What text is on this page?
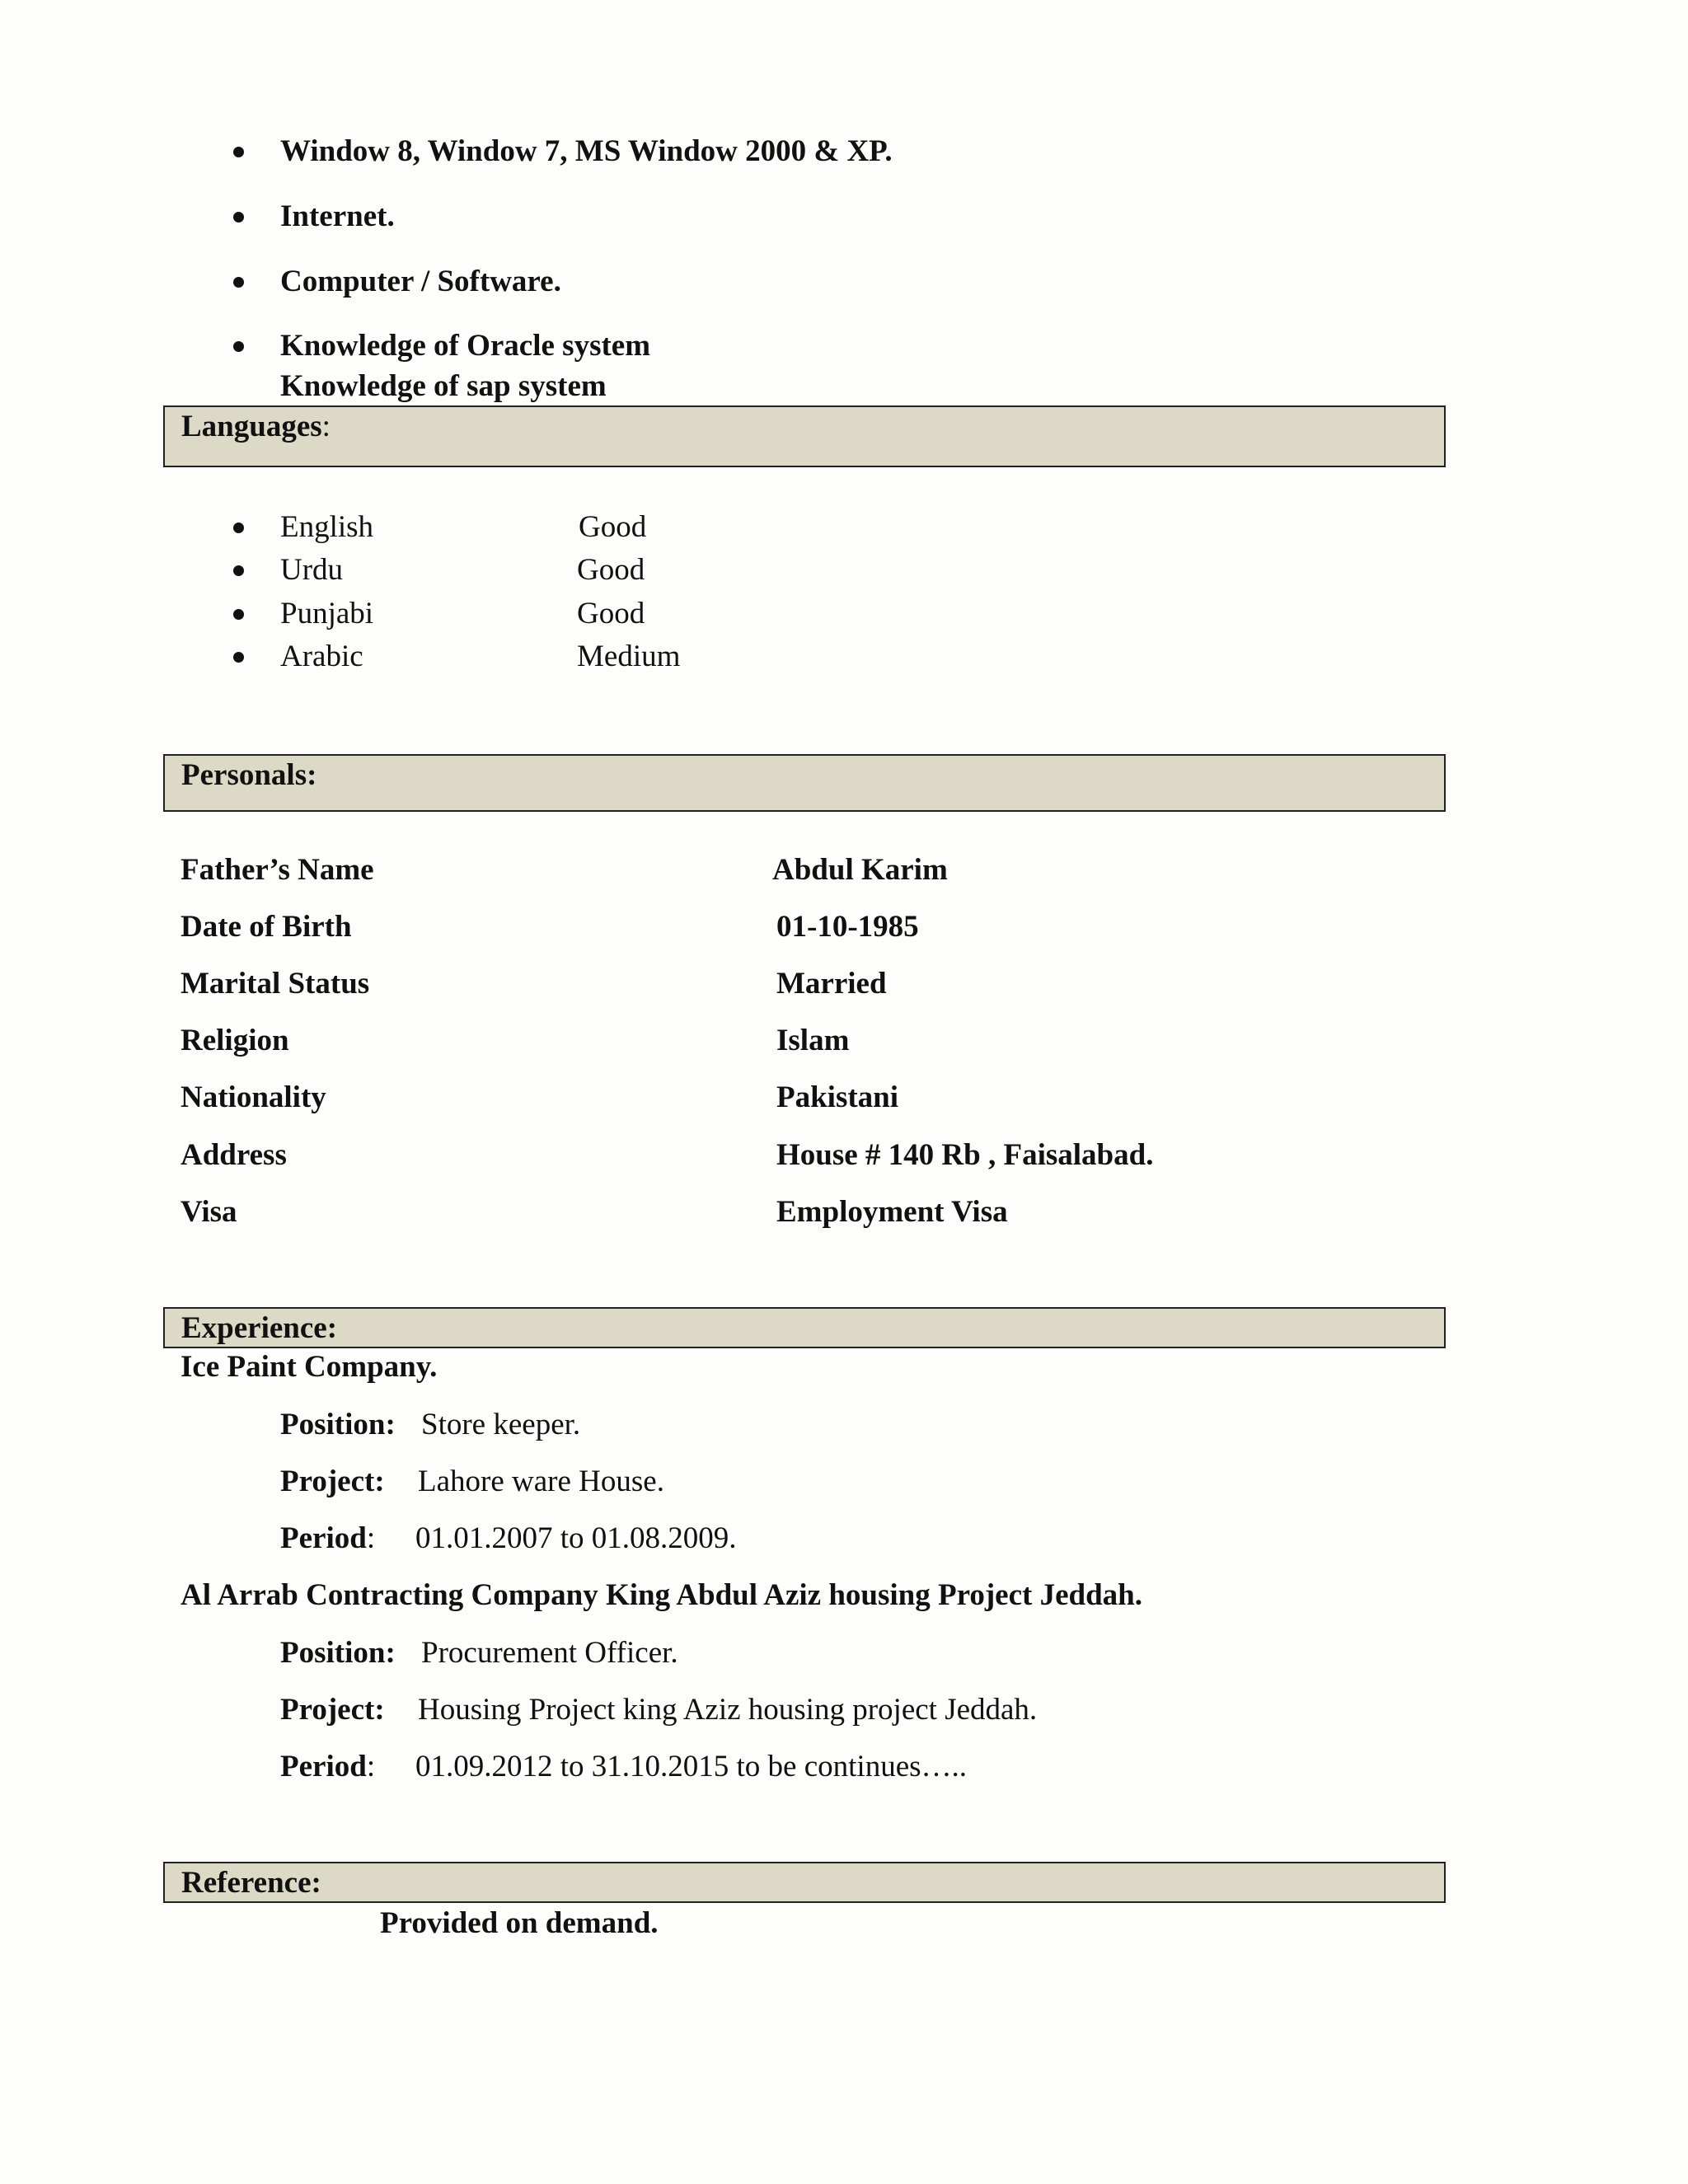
Window 8, Window 7, MS Window 2000 & XP.
Internet.
Computer / Software.
Knowledge of Oracle system
Knowledge of sap system
Languages:
English	Good
Urdu	Good
Punjabi	Good
Arabic	Medium
Personals:
Father’s Name	Abdul Karim
Date of Birth	01-10-1985
Marital Status	Married
Religion	Islam
Nationality	Pakistani
Address	House # 140 Rb , Faisalabad.
Visa	Employment Visa
Experience:
Ice Paint Company.
Position: Store keeper.
Project: Lahore ware House.
Period: 01.01.2007 to 01.08.2009.
Al Arrab Contracting Company King Abdul Aziz housing Project Jeddah.
Position: Procurement Officer.
Project: Housing Project king Aziz housing project Jeddah.
Period: 01.09.2012 to 31.10.2015 to be continues…..
Reference:
Provided on demand.
